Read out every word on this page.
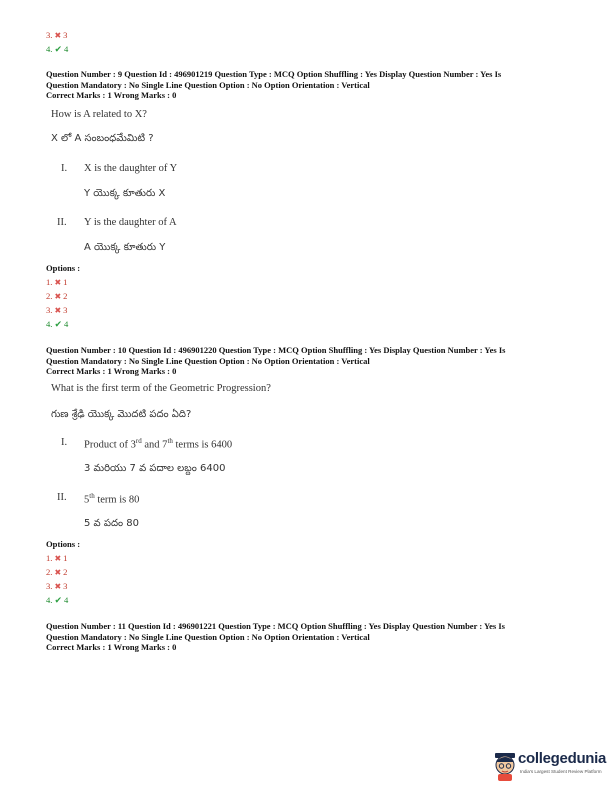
3. ✖ 3
4. ✔ 4
Question Number : 9 Question Id : 496901219 Question Type : MCQ Option Shuffling : Yes Display Question Number : Yes Is
Question Mandatory : No Single Line Question Option : No Option Orientation : Vertical
Correct Marks : 1 Wrong Marks : 0
How is A related to X?
X లో A సంబంధమేమిటి ?
I. X is the daughter of Y
Y యొక్క కూతురు X
II. Y is the daughter of A
A యొక్క కూతురు Y
Options :
1. ✖ 1
2. ✖ 2
3. ✖ 3
4. ✔ 4
Question Number : 10 Question Id : 496901220 Question Type : MCQ Option Shuffling : Yes Display Question Number : Yes Is
Question Mandatory : No Single Line Question Option : No Option Orientation : Vertical
Correct Marks : 1 Wrong Marks : 0
What is the first term of the Geometric Progression?
గుణ శ్రేఢి యొక్క మొదటి పదం ఏది?
I. Product of 3rd and 7th terms is 6400
3 మరియు 7 వ పదాల లబ్దం 6400
II. 5th term is 80
5 వ పదం 80
Options :
1. ✖ 1
2. ✖ 2
3. ✖ 3
4. ✔ 4
Question Number : 11 Question Id : 496901221 Question Type : MCQ Option Shuffling : Yes Display Question Number : Yes Is
Question Mandatory : No Single Line Question Option : No Option Orientation : Vertical
Correct Marks : 1 Wrong Marks : 0
collegedunia
India's Largest Student Review Platform
